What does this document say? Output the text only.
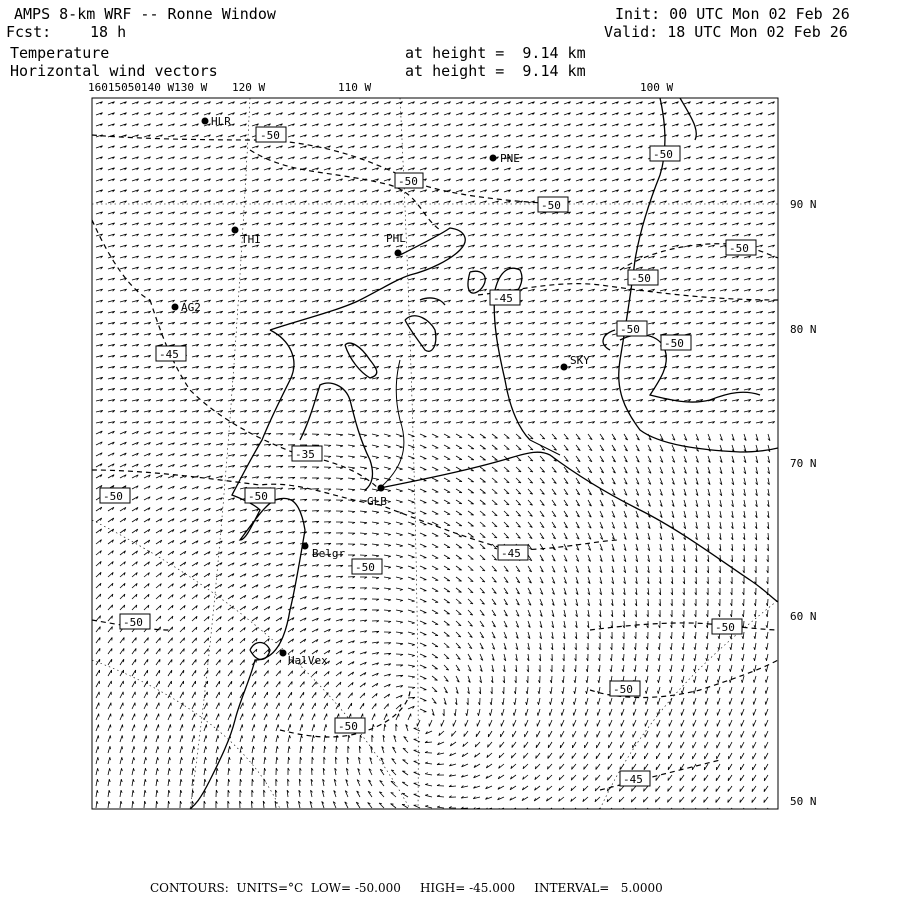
AMPS 8-km WRF -- Ronne Window
Fcst:	18 h
Temperature
Horizontal wind vectors
at height =  9.14 km
at height =  9.14 km
Init: 00 UTC Mon 02 Feb 26
Valid: 18 UTC Mon 02 Feb 26
16015050140 W130 W 120 W	110 W	100 W
90 N
80 N
70 N
60 N
50 N
HLR
PNE
THI	PHL
AG2
SKY
GLB
Belgr
HalVex
-50
-50
-50
-50
-50
-45
-50
-50
-50
-45
-35
-50	-50
-45
-50
-50	-50
-50
-50
-45
CONTOURS:  UNITS=°C  LOW= -50.000     HIGH= -45.000     INTERVAL=   5.0000
